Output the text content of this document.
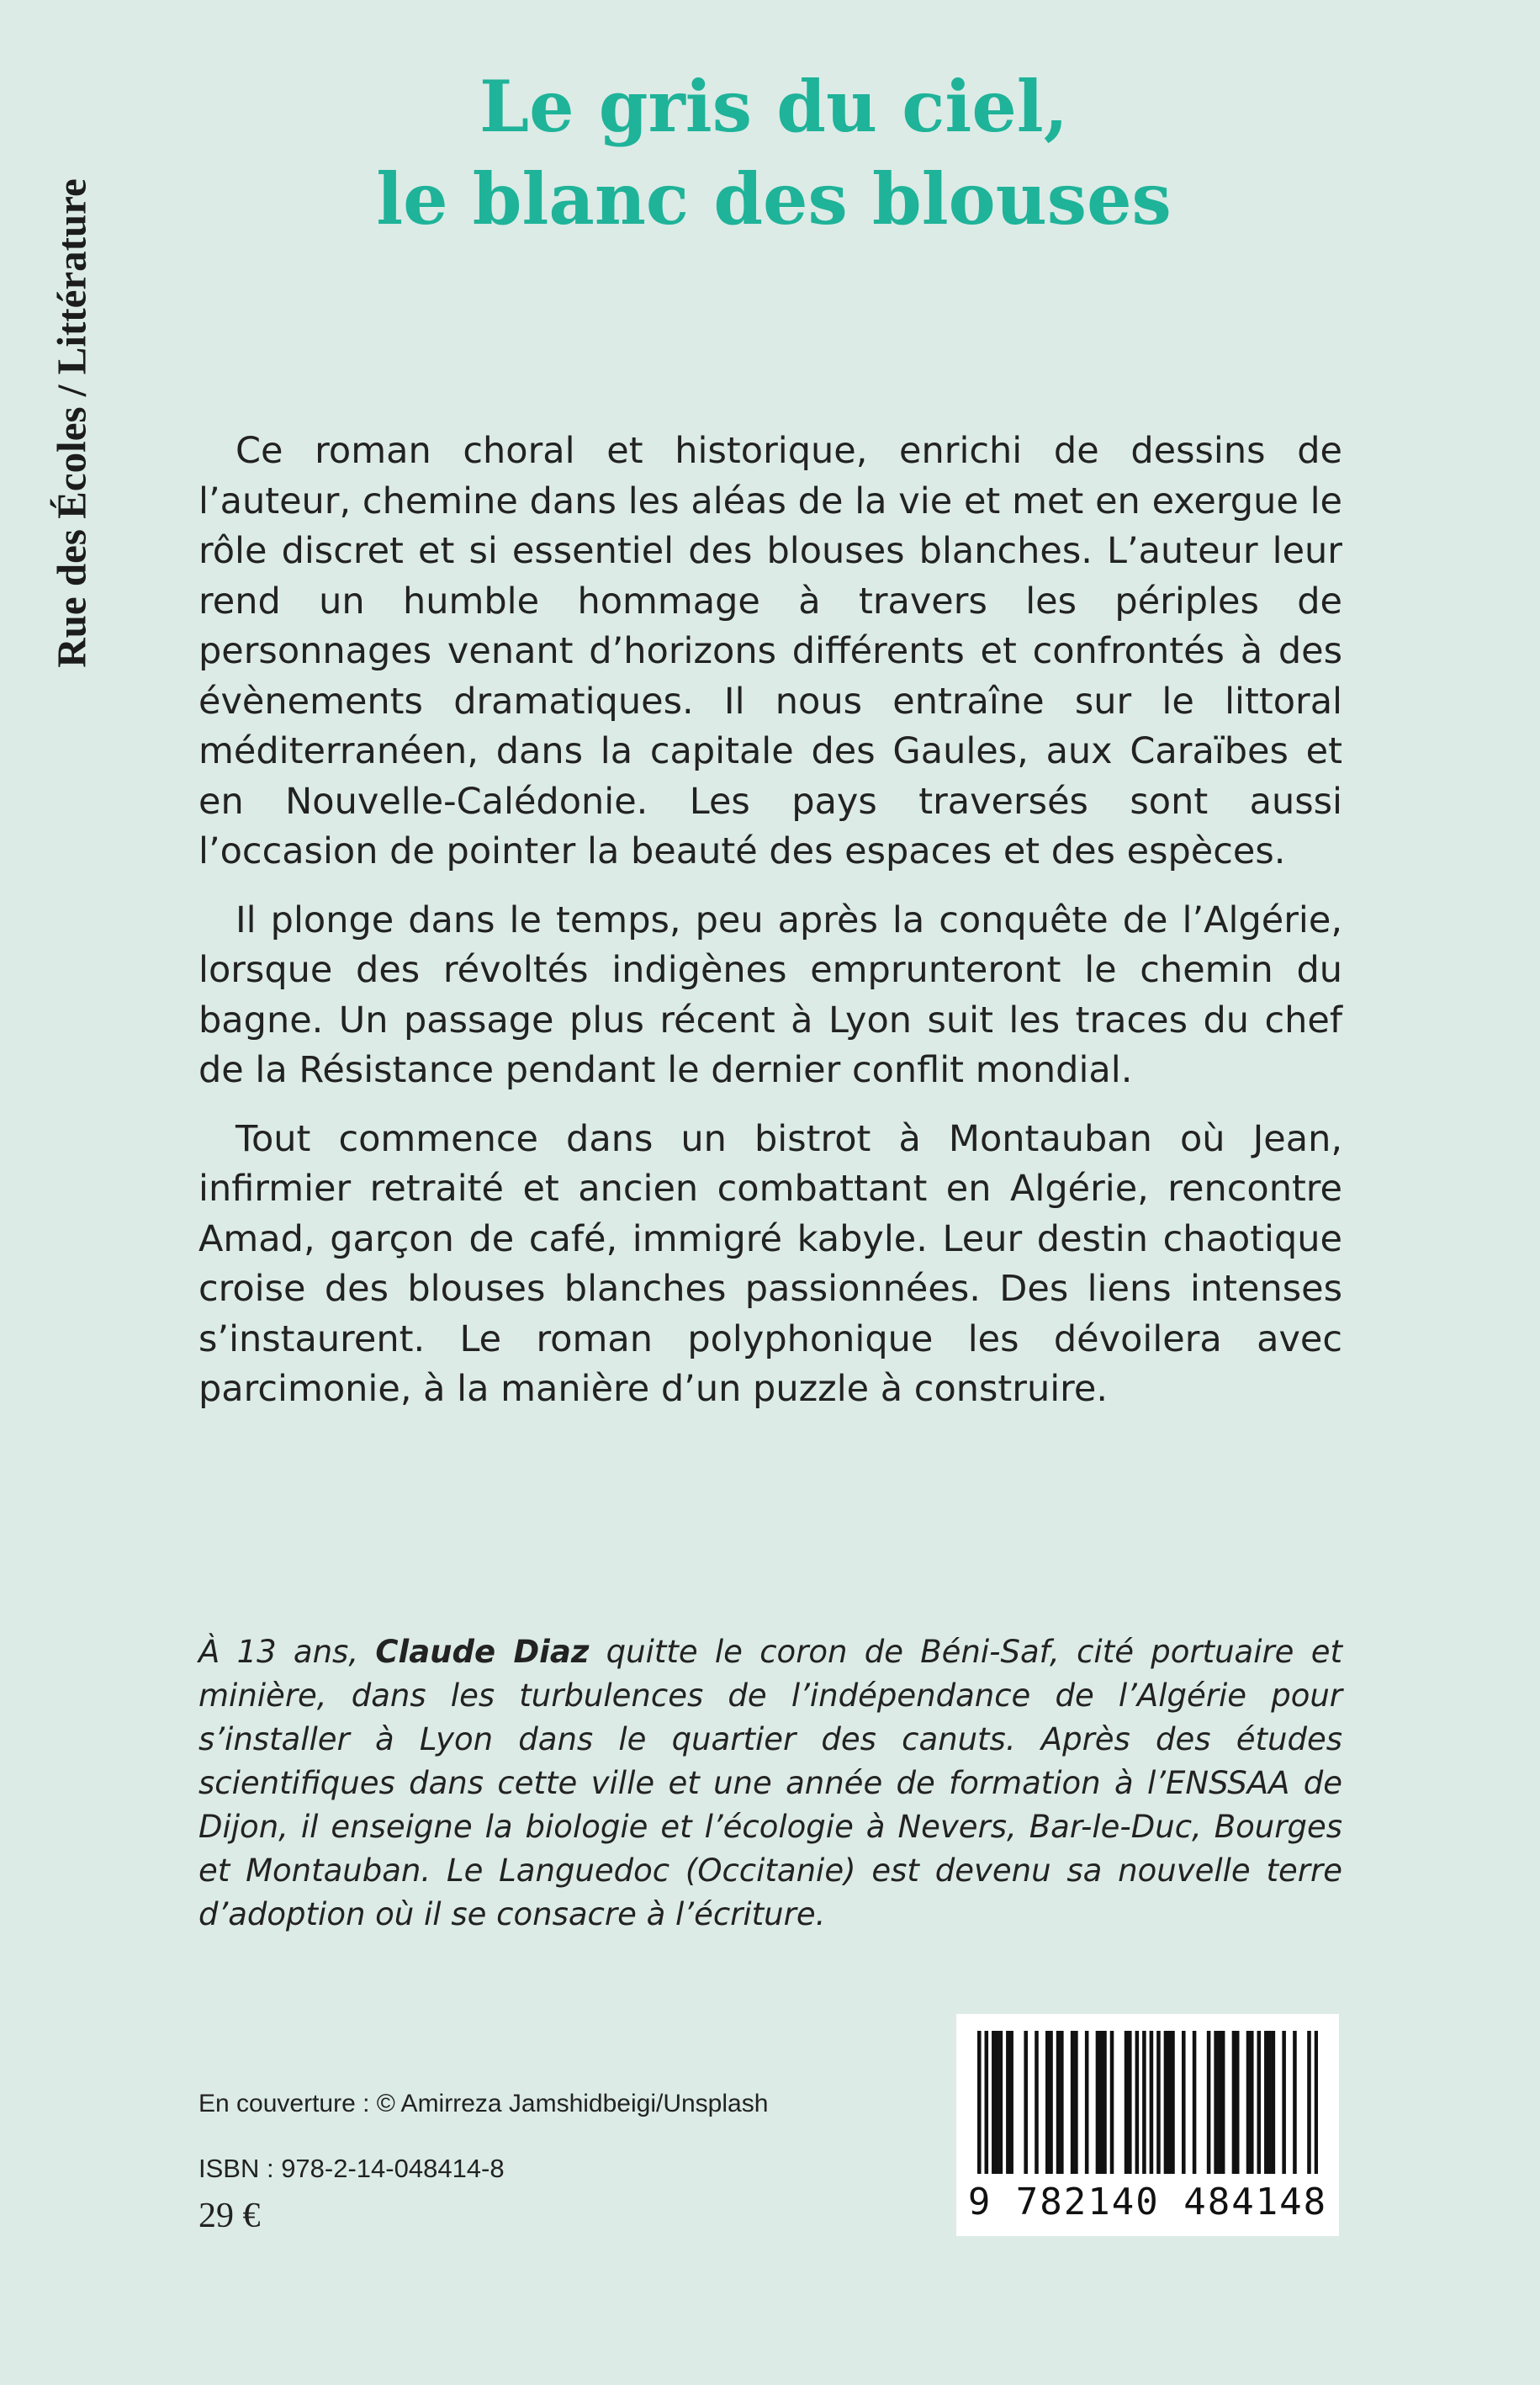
Rue des Écoles / Littérature
Le gris du ciel,
le blanc des blouses

Ce roman choral et historique, enrichi de dessins de l’auteur, chemine dans les aléas de la vie et met en exergue le rôle discret et si essentiel des blouses blanches. L’auteur leur rend un humble hommage à travers les périples de personnages venant d’horizons différents et confrontés à des évènements dramatiques. Il nous entraîne sur le littoral méditerranéen, dans la capitale des Gaules, aux Caraïbes et en Nouvelle-Calédonie. Les pays traversés sont aussi l’occasion de pointer la beauté des espaces et des espèces.

Il plonge dans le temps, peu après la conquête de l’Algérie, lorsque des révoltés indigènes emprunteront le chemin du bagne. Un passage plus récent à Lyon suit les traces du chef de la Résistance pendant le dernier conflit mondial.

Tout commence dans un bistrot à Montauban où Jean, infirmier retraité et ancien combattant en Algérie, rencontre Amad, garçon de café, immigré kabyle. Leur destin chaotique croise des blouses blanches passionnées. Des liens intenses s’instaurent. Le roman polyphonique les dévoilera avec parcimonie, à la manière d’un puzzle à construire.

À 13 ans, Claude Diaz quitte le coron de Béni-Saf, cité portuaire et minière, dans les turbulences de l’indépendance de l’Algérie pour s’installer à Lyon dans le quartier des canuts. Après des études scientifiques dans cette ville et une année de formation à l’ENSSAA de Dijon, il enseigne la biologie et l’écologie à Nevers, Bar-le-Duc, Bourges et Montauban. Le Languedoc (Occitanie) est devenu sa nouvelle terre d’adoption où il se consacre à l’écriture.

En couverture : © Amirreza Jamshidbeigi/Unsplash

ISBN : 978-2-14-048414-8

29 €	9 782140 484148
